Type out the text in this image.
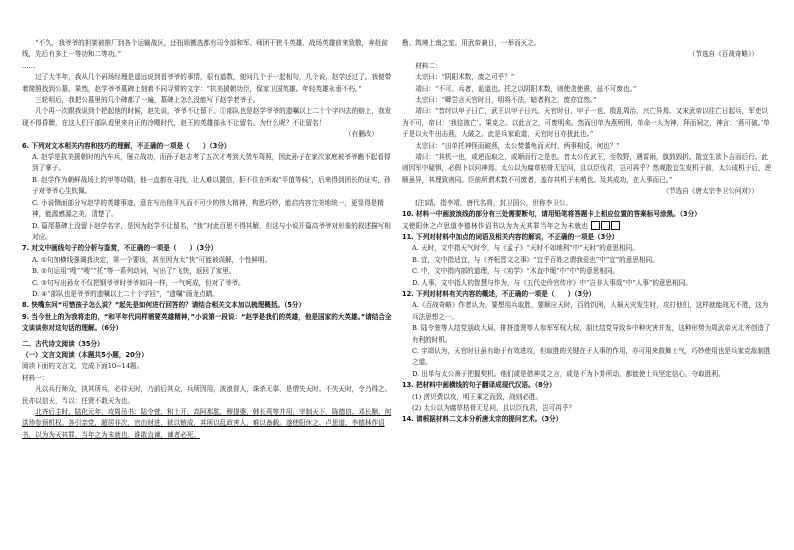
“不久，我爷爷的担架被推厂到各个运输战区，还扭姐搬选都有司令部和军、师团干狭斗英雄、战场英雄前来致敬，奔赴前线，先后有多上一等功和二等功。”

……

过了大半年，我从几个码场经理是遥远说到看爷爷的事情，很有道数，便问几个于一起相句，几个说，赵学还过了。我便带着简照找到公墓，果然，赵学爷爷墓碑上刻着不同寻常的文字：“抗美援朝功臣，保家卫国英雄。年轻英雄永垂不朽。”

三轮明后，我把公墓里的几个碑都了一遍，墓碑上怎么没能写下赵学老爷子。

几个再一次跟我说到个把起他的时候，赵先说，爷爷不让留下。①部队也是赵学爷爷的遗嘱以上二十个字四去的赔上，我发现不得昏聩，在这人们干部队看里来自正的冷飕时代，赵王的英雄部永不让留名。为什么呢？不让留名！

（有删改）

6. 下列对文本相关内容和技巧的理解，不正确的一项是（　　）（3分）

A. 赵学是抗美援朝时的汽车兵，屡立战功，而孙子赵志考了五次才考到大货车驾照，因此孙子在家次家庭被爷爷瞧不起看得到了掌子。

B. 赵学作为朝鲜战场上的甲等功勋，他一直都在寻找，让人难以置信，拒不住在听取“平值等候”，后来得到团长的证实，孙子对爷爷心生钦佩。

C. 小说侧面部分写赵学的英雄事迹，意在写出他平凡而不可少的伟大精神，构思巧妙，能启内容完美地统一，更显得是精神，能源感源之美，清楚了。

D. 篇尾墓碑上没留下赵学名字，是因为赵学不让留名，“我”对此百思不得其解，但这与小说开篇高爷爷对形象的叙述描写相对应。

7. 对文中画线句子的分析与鉴赏，不正确的一项是（　　）（3分）

A. ①句加横线强调我决定，第一个要该，甚至因为太“快”可能被误解，个性鲜明。

B. ②句运用“嗖”“嗖”“托”等一系列动词，写出了“飞快，返回了家里。

C. ③句写出孙女不仅把钢爷爷时爷爷如同一样，一气呵成，但对了爷爷。

D. ④“部队也是爷爷的遗嘱以上二十个字回”，“遗嘱”画龙点睛。

8. 快嘴东问“可惜孩子怎么说？”起先是如何进行回答的？请结合相关文本加以梳理概括。（5分）

9. 当今世上的为我将走的，“和平年代同样需要英雄精神，”小说第一段说：“赵学是我们的英雄，他是国家的大英雄。”请结合全文谈谈你对这句话的理解。（6分）

二、古代诗文阅读（35分）

（一）文言文阅读（本题共5小题，20分）

阅读下面的文言文，完成下面10~14题。

材料一：

凡以兵行师众，执其所兵，必待天时，乃前后其众，兵所因用，波浪督人，诛杀无辜，是谓失天时。不失天时，令乃得之。民亦以信天，当以：任贤不敢天为也。

北齐后主时，陆化元年，攻周吊书：陆令萱，和士开，高阿那肱，穆提婆，韩长鸾等并用，宰制天下，陈德信、邓长颙、何洪珍参预机权。各引亲党，超居非次，官由财进，狱以贿成，其所以乱政害人，难以备载。遂使阳休之、卢思道、李德林作诏书，以为为天其罪，当年之为未就也。谁敢直谏，谏者必死。

勘、筑境上南之室。用武帝兼日，一举而灭之。

（节选自《百战奇略》）

材料二：

太宗曰：“阴阳术数，废之可乎？”

靖曰：“不可。兵者，诡道也。托之以阴阳术数，则使贪使愚，兹不可废也。”

太宗曰：“卿尝言天官时日，明将不法，暗者拘之，废亦宜然。”

靖曰：“昔纣以甲子日亡，武王以甲子日兴。天官时日，甲子一也，殷乱周治，兴亡异焉。又宋武帝以往亡日起兵，军吏以为不可，帝曰：‘我往彼亡’。果克之。以此言之，可废明矣。然而田单为燕所围，单命一人为神，拜而祠之，神言：‘燕可破。’单于是以火牛出击燕，大破之。此是兵家诡道，天官时日亦犹此也。”

太宗曰：“田单托神怪而破燕，太公焚蓍龟而灭纣，两事相反，何也？”

靖曰：“其机一也，或逆而取之，或顺而行之是也。昔太公佐武王，至牧野，遇雷雨，旗鼓毁折。散宜生欲卜吉而后行。此则因军中疑惧，必假卜以问神焉。太公以为腐草枯骨无足问，且以臣伐君，岂可再乎？然观散宜生发机于前，太公成机于后，逆顺虽异，其理致则同。臣前所谓术数不可废者，盖存其机于未萌也。及其成功，在人事而已。”

（节选自《唐太宗李卫公问对》）

[注]靖，指李靖，唐代名将，封卫国公，世称李卫公。

10. 材料一中画波浪线的部分有三处需要断句，请用铅笔将答题卡上相应位置的答案标号涂黑。（3分）

又使阳休之卢思道李德林作诏书以为为天其罪当年之为未就也

11. 下列对材料中加点的词语及相关内容的解说，不正确的一项是（3分）

A. 天时，文中指天气时令，与《孟子》“天时不如地利”中“天时”的意思相同。

B. 宜，文中指适宜，与《齐桓晋文之事》“宜乎百姓之谓我爱也”中“宜”的意思相同。

C. 中，文中指内部的道理，与《劝学》“木直中绳”中“中”的意思相同。

D. 人事，文中指人的智慧与作为，与《五代史伶官传序》中“岂非人事哉”中“人事”的意思相同。

12. 下列对材料有关内容的概述，不正确的一项是（　　）（3分）

A.《百战奇略》作者认为，要想用兵取胜，要顺应天时，百姓饥困，人祸天灾发生时，攻打他们，这样就能战无不胜，这为兵法思想之一。

B. 陆令萱等人结党朋政大局，排挤遗贤等人参军军权大权，朋比结党导致乡中种灾害并发，这种形势为周武帝灭北齐创造了有利的时机。

C. 宇靖认为，天官时日虽有助于有效进攻，但取胜的关键在于人事的作用，亦可用来鼓舞士气，巧妙使用也是兵家克敌制胜之道。

D. 田单与太公善于把握契机。他们或是借神灵之言，或是不为卜卦所动，都能使士兵坚定信心，夺取胜利。

13. 把材料中画横线的句子翻译成现代汉语。（8分）

(1) 涝贝费以攻，明王乘之而致，战则必胜。

(2) 太公以为腐草枯骨无足问，且以臣伐君，岂可再乎？

14. 请根据材料二文本分析唐太宗的提问艺术。（3分）
